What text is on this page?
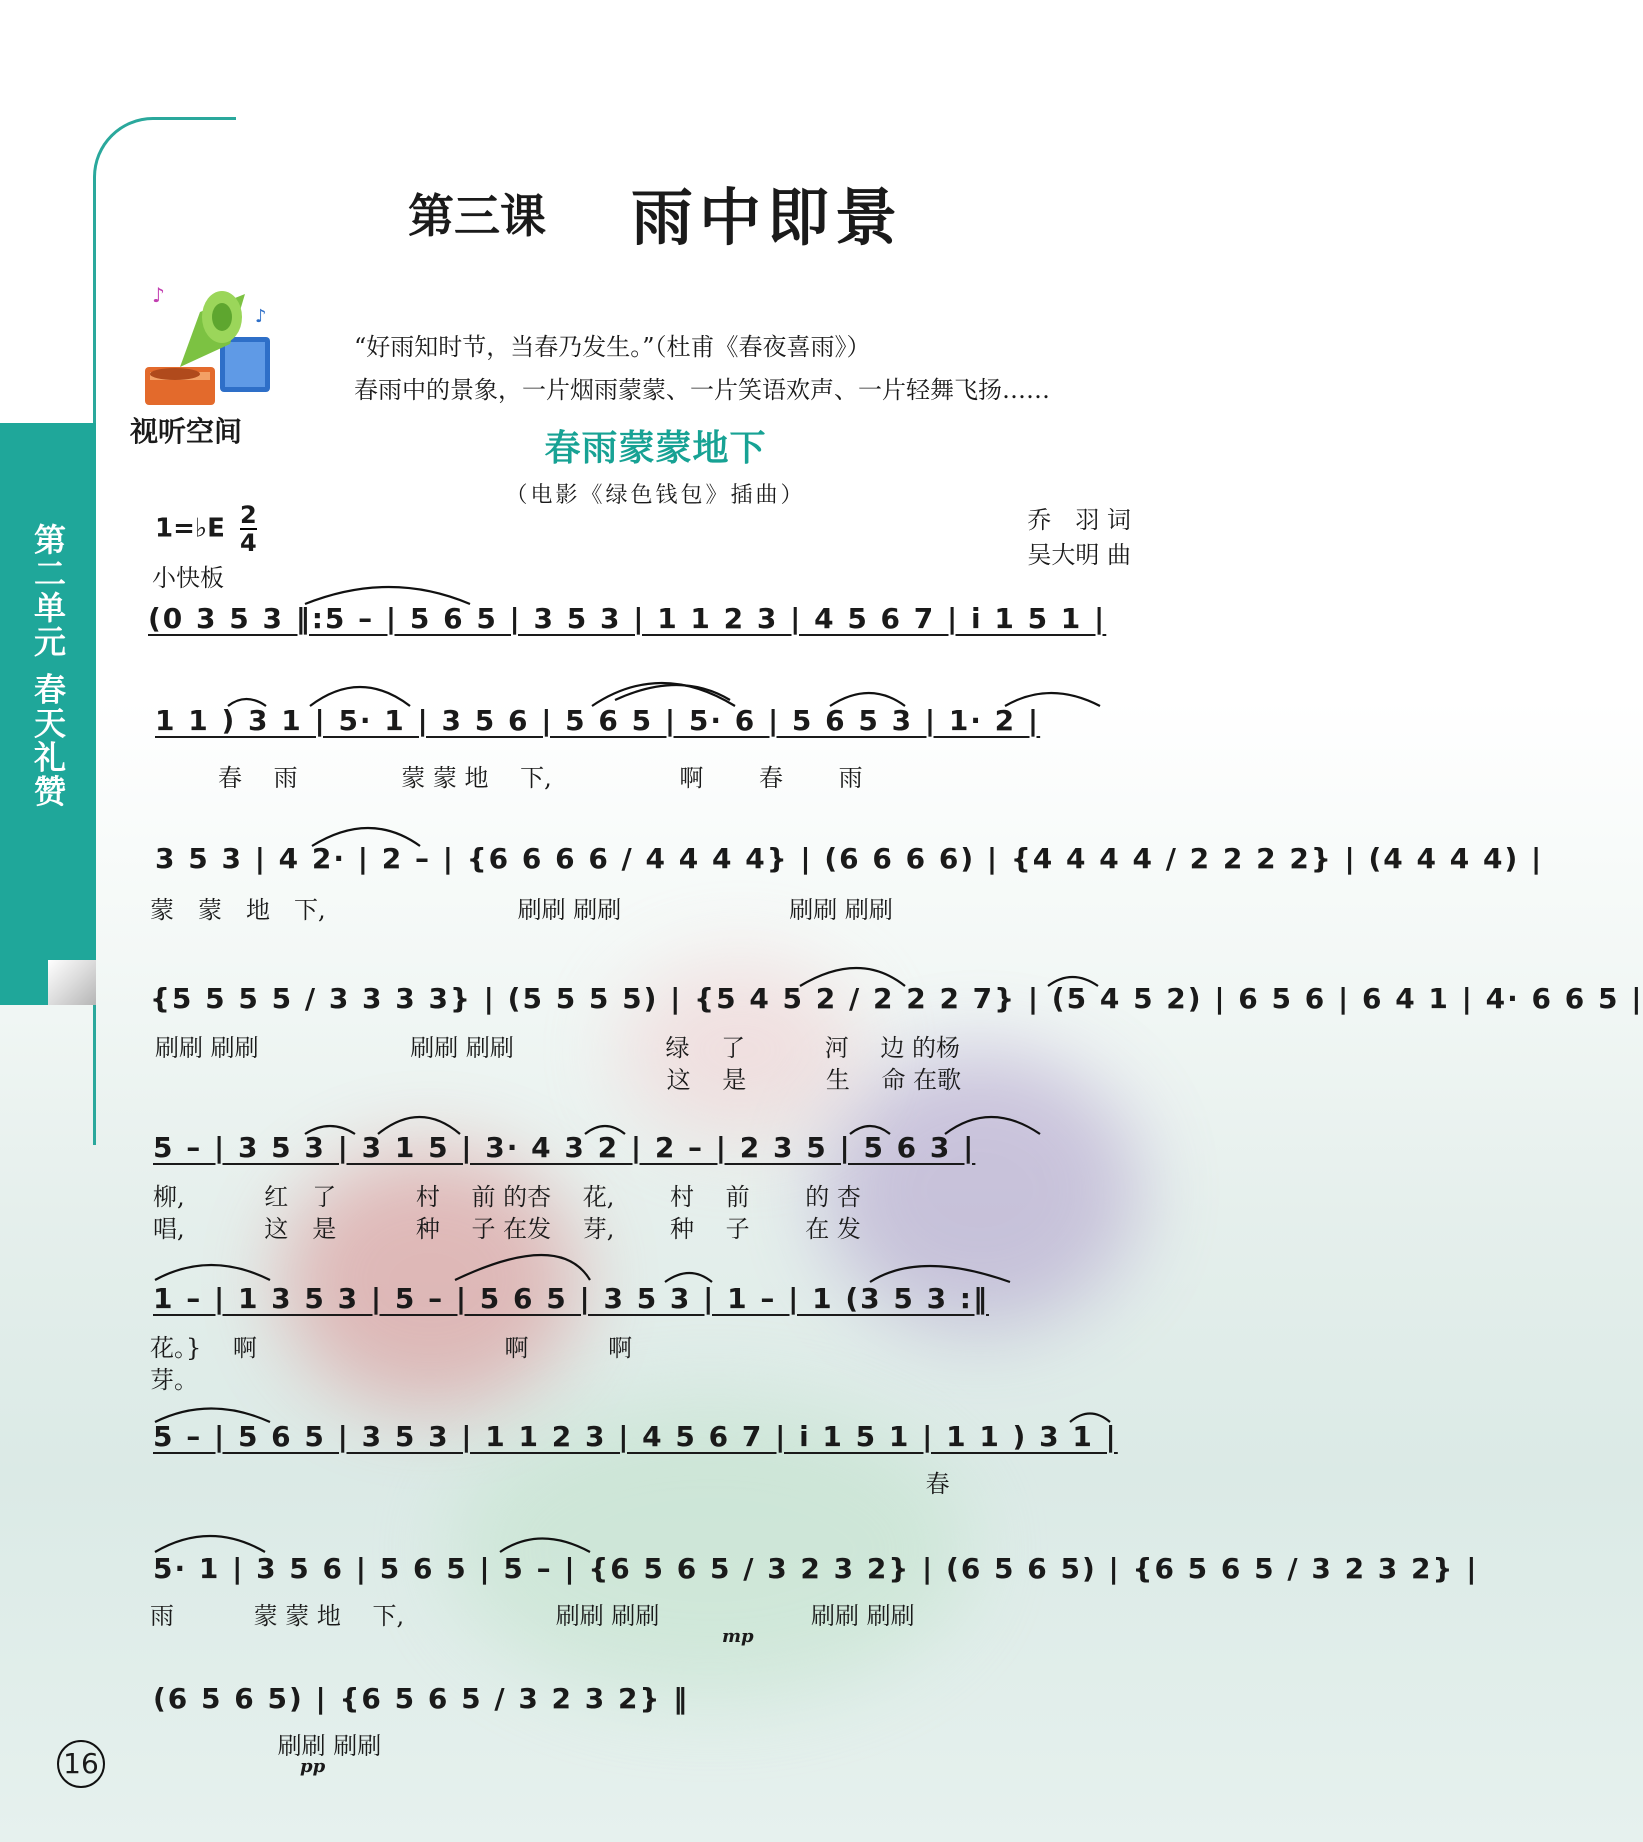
第二单元 春天礼赞
第三课 雨中即景
♪
♪
视听空间
“好雨知时节，当春乃发生。”（杜甫《春夜喜雨》）
春雨中的景象，一片烟雨蒙蒙、一片笑语欢声、一片轻舞飞扬……
春雨蒙蒙地下
（电影《绿色钱包》插曲）
乔　羽 词
吴大明 曲
1=♭E $\frac{2}{4}$
小快板
(0 3 5 3 ‖:5 – | 5 6 5 | 3 5 3 | 1 1 2 3 | 4 5 6 7 | i 1 5 1 |
1 1 ) 3 1 | 5· 1 | 3 5 6 | 5 6 5 | 5· 6 | 5 6 5 3 | 1· 2 |
春　 雨　　　　 蒙 蒙 地　 下,　　　　　 啊　　 春　　 雨
3 5 3 | 4 2· | 2 – | {6 6 6 6 / 4 4 4 4} | (6 6 6 6) | {4 4 4 4 / 2 2 2 2} | (4 4 4 4) |
蒙　蒙　地　下,　　　　　　　　刷刷 刷刷　　　　　　　刷刷 刷刷
{5 5 5 5 / 3 3 3 3} | (5 5 5 5) | {5 4 5 2 / 2 2 2 7} | (5 4 5 2) | 6 5 6 | 6 4 1 | 4· 6 6 5 |
刷刷 刷刷　　　　　　 刷刷 刷刷　　　　　　 绿　 了　　　 河　 边 的杨
　　　　　　　　　　　　　　　　　　　　　 这　 是　　　 生　 命 在歌
5 – | 3 5 3 | 3 1 5 | 3· 4 3 2 | 2 – | 2 3 5 | 5 6 3 |
柳,　　　 红　了　　　 村　 前 的杏　 花,　　 村　 前　　 的 杏
唱,　　　 这　是　　　 种　 子 在发　 芽,　　 种　 子　　 在 发
1 – | 1 3 5 3 | 5 – | 5 6 5 | 3 5 3 | 1 – | 1 (3 5 3 :‖
花。}　 啊　　　　　　　　　　 啊　　　 啊
芽。
5 – | 5 6 5 | 3 5 3 | 1 1 2 3 | 4 5 6 7 | i 1 5 1 | 1 1 ) 3 1 |
　　　　　　　　　　　　　　　　　　　　　　　　　　　　　　　　 春
5· 1 | 3 5 6 | 5 6 5 | 5 – | {6 5 6 5 / 3 2 3 2} | (6 5 6 5) | {6 5 6 5 / 3 2 3 2} |
雨　　　 蒙 蒙 地　 下,　　　　　　 刷刷 刷刷　　　　　　 刷刷 刷刷
mp
(6 5 6 5) | {6 5 6 5 / 3 2 3 2} ‖
　　　　　 刷刷 刷刷
pp
16
